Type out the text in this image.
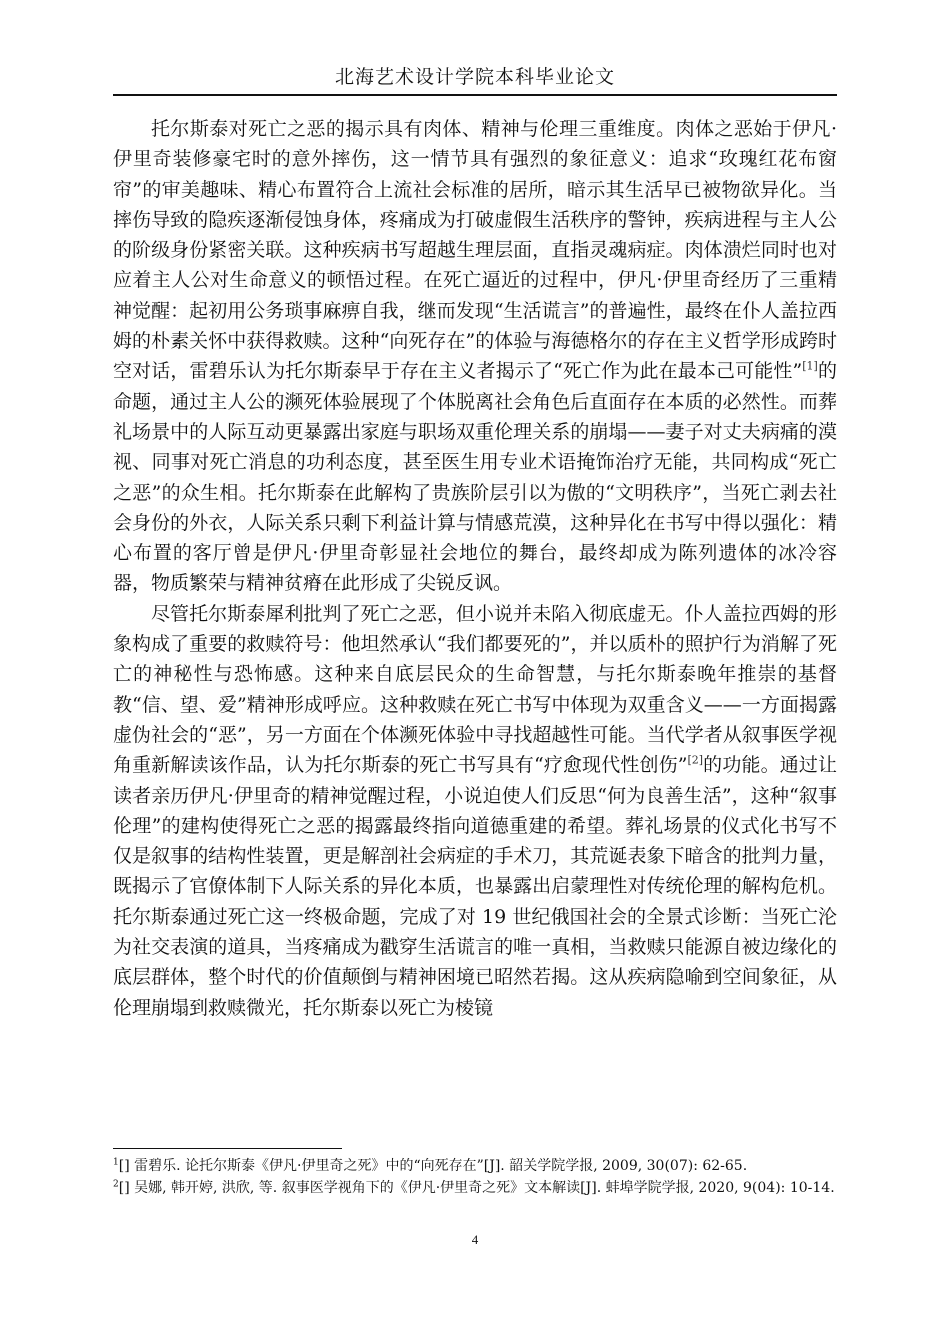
北海艺术设计学院本科毕业论文

托尔斯泰对死亡之恶的揭示具有肉体、精神与伦理三重维度。肉体之恶始于伊凡·伊里奇装修豪宅时的意外摔伤，这一情节具有强烈的象征意义：追求“玫瑰红花布窗帘”的审美趣味、精心布置符合上流社会标准的居所，暗示其生活早已被物欲异化。当摔伤导致的隐疾逐渐侵蚀身体，疼痛成为打破虚假生活秩序的警钟，疾病进程与主人公的阶级身份紧密关联。这种疾病书写超越生理层面，直指灵魂病症。肉体溃烂同时也对应着主人公对生命意义的顿悟过程。在死亡逼近的过程中，伊凡·伊里奇经历了三重精神觉醒：起初用公务琐事麻痹自我，继而发现“生活谎言”的普遍性，最终在仆人盖拉西姆的朴素关怀中获得救赎。这种“向死存在”的体验与海德格尔的存在主义哲学形成跨时空对话，雷碧乐认为托尔斯泰早于存在主义者揭示了“死亡作为此在最本己可能性”[1]的命题，通过主人公的濒死体验展现了个体脱离社会角色后直面存在本质的必然性。而葬礼场景中的人际互动更暴露出家庭与职场双重伦理关系的崩塌——妻子对丈夫病痛的漠视、同事对死亡消息的功利态度，甚至医生用专业术语掩饰治疗无能，共同构成“死亡之恶”的众生相。托尔斯泰在此解构了贵族阶层引以为傲的“文明秩序”，当死亡剥去社会身份的外衣，人际关系只剩下利益计算与情感荒漠，这种异化在书写中得以强化：精心布置的客厅曾是伊凡·伊里奇彰显社会地位的舞台，最终却成为陈列遗体的冰冷容器，物质繁荣与精神贫瘠在此形成了尖锐反讽。

尽管托尔斯泰犀利批判了死亡之恶，但小说并未陷入彻底虚无。仆人盖拉西姆的形象构成了重要的救赎符号：他坦然承认“我们都要死的”，并以质朴的照护行为消解了死亡的神秘性与恐怖感。这种来自底层民众的生命智慧，与托尔斯泰晚年推崇的基督教“信、望、爱”精神形成呼应。这种救赎在死亡书写中体现为双重含义——一方面揭露虚伪社会的“恶”，另一方面在个体濒死体验中寻找超越性可能。当代学者从叙事医学视角重新解读该作品，认为托尔斯泰的死亡书写具有“疗愈现代性创伤”[2]的功能。通过让读者亲历伊凡·伊里奇的精神觉醒过程，小说迫使人们反思“何为良善生活”，这种“叙事伦理”的建构使得死亡之恶的揭露最终指向道德重建的希望。葬礼场景的仪式化书写不仅是叙事的结构性装置，更是解剖社会病症的手术刀，其荒诞表象下暗含的批判力量，既揭示了官僚体制下人际关系的异化本质，也暴露出启蒙理性对传统伦理的解构危机。托尔斯泰通过死亡这一终极命题，完成了对 19 世纪俄国社会的全景式诊断：当死亡沦为社交表演的道具，当疼痛成为戳穿生活谎言的唯一真相，当救赎只能源自被边缘化的底层群体，整个时代的价值颠倒与精神困境已昭然若揭。这从疾病隐喻到空间象征，从伦理崩塌到救赎微光，托尔斯泰以死亡为棱镜

$^1$[] 雷碧乐. 论托尔斯泰《伊凡·伊里奇之死》中的“向死存在”[J]. 韶关学院学报, 2009, 30(07): 62-65.

$^2$[] 吴娜, 韩开婷, 洪欣, 等. 叙事医学视角下的《伊凡·伊里奇之死》文本解读[J]. 蚌埠学院学报, 2020, 9(04): 10-14.

4
